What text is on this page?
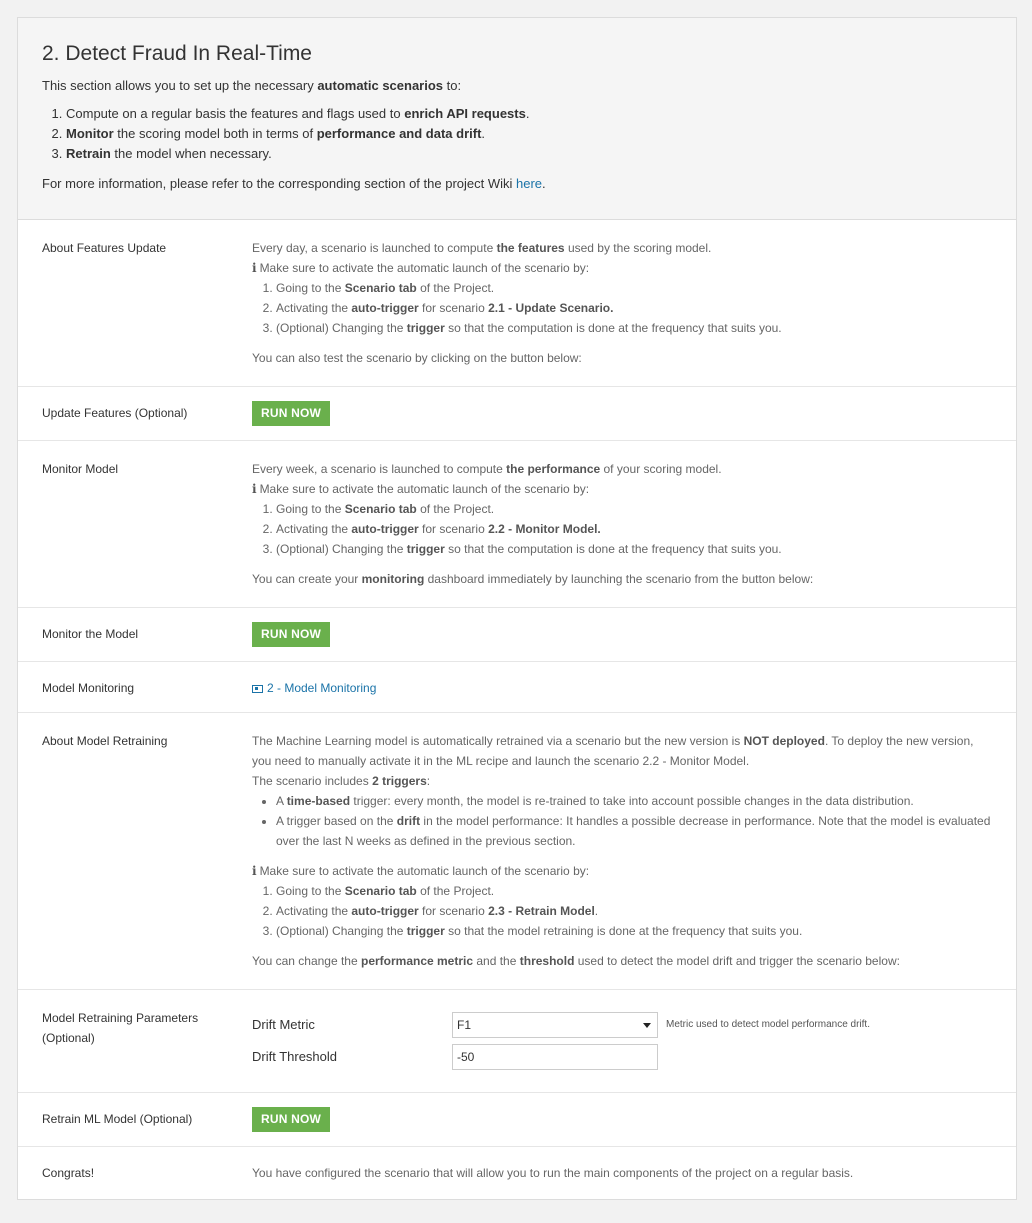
2. Detect Fraud In Real-Time

This section allows you to set up the necessary automatic scenarios to:

1. Compute on a regular basis the features and flags used to enrich API requests.
2. Monitor the scoring model both in terms of performance and data drift.
3. Retrain the model when necessary.

For more information, please refer to the corresponding section of the project Wiki here.

About Features Update	Every day, a scenario is launched to compute the features used by the scoring model.
i Make sure to activate the automatic launch of the scenario by:
1. Going to the Scenario tab of the Project.
2. Activating the auto-trigger for scenario 2.1 - Update Scenario.
3. (Optional) Changing the trigger so that the computation is done at the frequency that suits you.
You can also test the scenario by clicking on the button below:
Update Features (Optional)	RUN NOW
Monitor Model	Every week, a scenario is launched to compute the performance of your scoring model.
i Make sure to activate the automatic launch of the scenario by:
1. Going to the Scenario tab of the Project.
2. Activating the auto-trigger for scenario 2.2 - Monitor Model.
3. (Optional) Changing the trigger so that the computation is done at the frequency that suits you.
You can create your monitoring dashboard immediately by launching the scenario from the button below:
Monitor the Model	RUN NOW
Model Monitoring	2 - Model Monitoring
About Model Retraining	The Machine Learning model is automatically retrained via a scenario but the new version is NOT deployed. To deploy the new version, you need to manually activate it in the ML recipe and launch the scenario 2.2 - Monitor Model.
The scenario includes 2 triggers:
• A time-based trigger: every month, the model is re-trained to take into account possible changes in the data distribution.
• A trigger based on the drift in the model performance: It handles a possible decrease in performance. Note that the model is evaluated over the last N weeks as defined in the previous section.
i Make sure to activate the automatic launch of the scenario by:
1. Going to the Scenario tab of the Project.
2. Activating the auto-trigger for scenario 2.3 - Retrain Model.
3. (Optional) Changing the trigger so that the model retraining is done at the frequency that suits you.
You can change the performance metric and the threshold used to detect the model drift and trigger the scenario below:
Model Retraining Parameters (Optional)
Drift Metric	F1	Metric used to detect model performance drift.
Drift Threshold	-50
Retrain ML Model (Optional)	RUN NOW
Congrats!	You have configured the scenario that will allow you to run the main components of the project on a regular basis.
